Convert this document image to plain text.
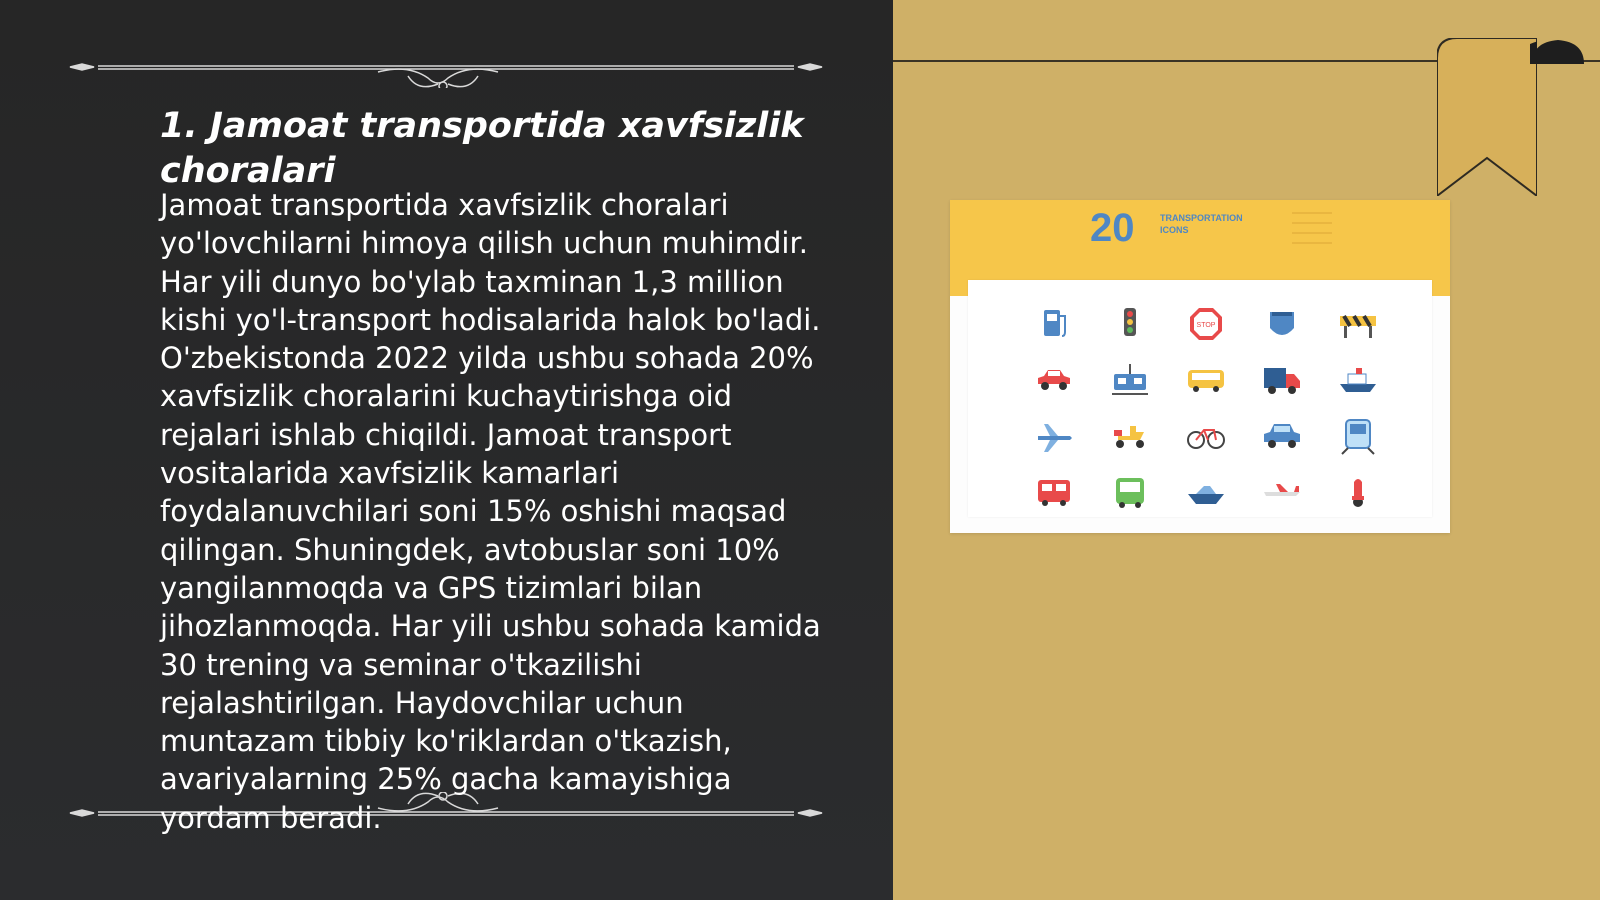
1. Jamoat transportida xavfsizlik choralari

Jamoat transportida xavfsizlik choralari yo'lovchilarni himoya qilish uchun muhimdir. Har yili dunyo bo'ylab taxminan 1,3 million kishi yo'l-transport hodisalarida halok bo'ladi. O'zbekistonda 2022 yilda ushbu sohada 20% xavfsizlik choralarini kuchaytirishga oid rejalari ishlab chiqildi. Jamoat transport vositalarida xavfsizlik kamarlari foydalanuvchilari soni 15% oshishi maqsad qilingan. Shuningdek, avtobuslar soni 10% yangilanmoqda va GPS tizimlari bilan jihozlanmoqda. Har yili ushbu sohada kamida 30 trening va seminar o'tkazilishi rejalashtirilgan. Haydovchilar uchun muntazam tibbiy ko'riklardan o'tkazish, avariyalarning 25% gacha kamayishiga yordam beradi.

20	TRANSPORTATION ICONS
STOP
